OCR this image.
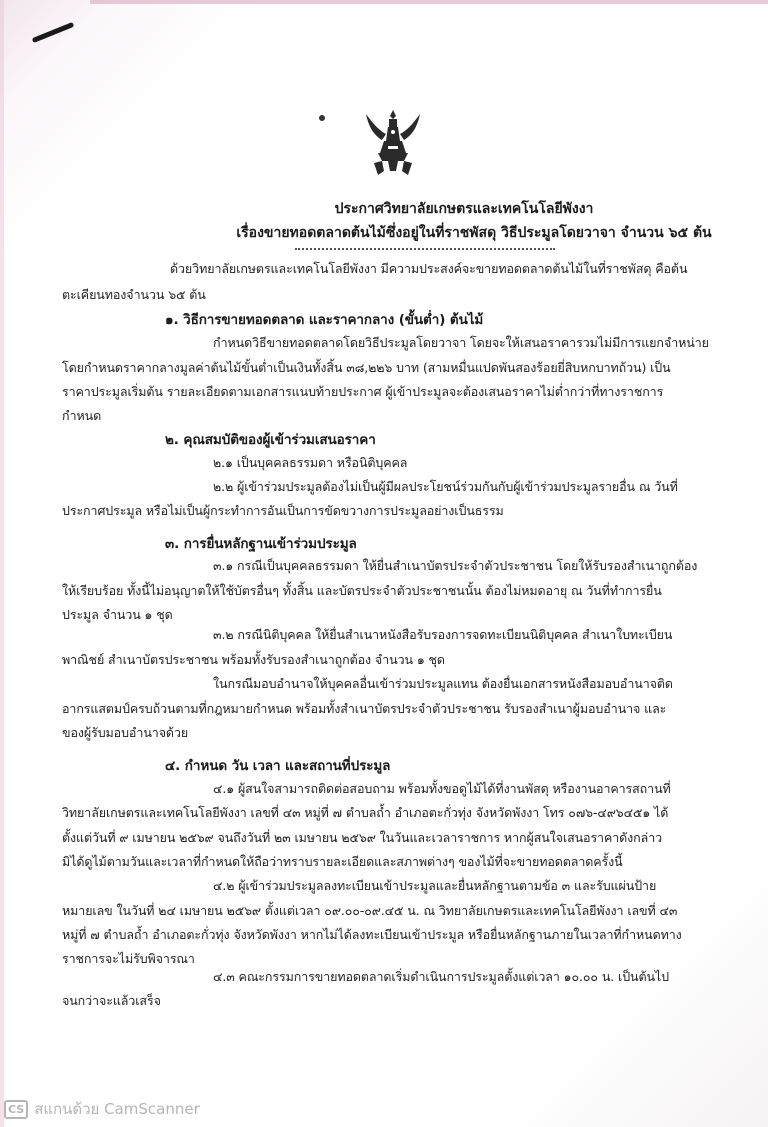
ประกาศวิทยาลัยเกษตรและเทคโนโลยีพังงา
เรื่องขายทอดตลาดต้นไม้ซึ่งอยู่ในที่ราชพัสดุ วิธีประมูลโดยวาจา จำนวน ๖๕ ต้น
ด้วยวิทยาลัยเกษตรและเทคโนโลยีพังงา มีความประสงค์จะขายทอดตลาดต้นไม้ในที่ราชพัสดุ คือต้น
ตะเคียนทองจำนวน ๖๕ ต้น
๑. วิธีการขายทอดตลาด และราคากลาง (ขั้นต่ำ) ต้นไม้
กำหนดวิธีขายทอดตลาดโดยวิธีประมูลโดยวาจา โดยจะให้เสนอราคารวมไม่มีการแยกจำหน่าย
โดยกำหนดราคากลางมูลค่าต้นไม้ขั้นต่ำเป็นเงินทั้งสิ้น ๓๘,๒๒๖ บาท (สามหมื่นแปดพันสองร้อยยี่สิบหกบาทถ้วน) เป็น
ราคาประมูลเริ่มต้น รายละเอียดตามเอกสารแนบท้ายประกาศ ผู้เข้าประมูลจะต้องเสนอราคาไม่ต่ำกว่าที่ทางราชการ
กำหนด
๒. คุณสมบัติของผู้เข้าร่วมเสนอราคา
๒.๑ เป็นบุคคลธรรมดา หรือนิติบุคคล
๒.๒ ผู้เข้าร่วมประมูลต้องไม่เป็นผู้มีผลประโยชน์ร่วมกันกับผู้เข้าร่วมประมูลรายอื่น ณ วันที่
ประกาศประมูล หรือไม่เป็นผู้กระทำการอันเป็นการขัดขวางการประมูลอย่างเป็นธรรม
๓. การยื่นหลักฐานเข้าร่วมประมูล
๓.๑ กรณีเป็นบุคคลธรรมดา ให้ยื่นสำเนาบัตรประจำตัวประชาชน โดยให้รับรองสำเนาถูกต้อง
ให้เรียบร้อย ทั้งนี้ไม่อนุญาตให้ใช้บัตรอื่นๆ ทั้งสิ้น และบัตรประจำตัวประชาชนนั้น ต้องไม่หมดอายุ ณ วันที่ทำการยื่น
ประมูล จำนวน ๑ ชุด
๓.๒ กรณีนิติบุคคล ให้ยื่นสำเนาหนังสือรับรองการจดทะเบียนนิติบุคคล สำเนาใบทะเบียน
พาณิชย์ สำเนาบัตรประชาชน พร้อมทั้งรับรองสำเนาถูกต้อง จำนวน ๑ ชุด
ในกรณีมอบอำนาจให้บุคคลอื่นเข้าร่วมประมูลแทน ต้องยื่นเอกสารหนังสือมอบอำนาจติด
อากรแสตมป์ครบถ้วนตามที่กฎหมายกำหนด พร้อมทั้งสำเนาบัตรประจำตัวประชาชน รับรองสำเนาผู้มอบอำนาจ และ
ของผู้รับมอบอำนาจด้วย
๔. กำหนด วัน เวลา และสถานที่ประมูล
๔.๑ ผู้สนใจสามารถติดต่อสอบถาม พร้อมทั้งขอดูไม้ได้ที่งานพัสดุ หรืองานอาคารสถานที่
วิทยาลัยเกษตรและเทคโนโลยีพังงา เลขที่ ๔๓ หมู่ที่ ๗ ตำบลถ้ำ อำเภอตะกั่วทุ่ง จังหวัดพังงา โทร ๐๗๖-๔๙๖๔๕๑ ได้
ตั้งแต่วันที่ ๙ เมษายน ๒๕๖๙ จนถึงวันที่ ๒๓ เมษายน ๒๕๖๙ ในวันและเวลาราชการ หากผู้สนใจเสนอราคาดังกล่าว
มิได้ดูไม้ตามวันและเวลาที่กำหนดให้ถือว่าทราบรายละเอียดและสภาพต่างๆ ของไม้ที่จะขายทอดตลาดครั้งนี้
๔.๒ ผู้เข้าร่วมประมูลลงทะเบียนเข้าประมูลและยื่นหลักฐานตามข้อ ๓ และรับแผ่นป้าย
หมายเลข ในวันที่ ๒๔ เมษายน ๒๕๖๙ ตั้งแต่เวลา ๐๙.๐๐-๐๙.๔๕ น. ณ วิทยาลัยเกษตรและเทคโนโลยีพังงา เลขที่ ๔๓
หมู่ที่ ๗ ตำบลถ้ำ อำเภอตะกั่วทุ่ง จังหวัดพังงา หากไม่ได้ลงทะเบียนเข้าประมูล หรือยื่นหลักฐานภายในเวลาที่กำหนดทาง
ราชการจะไม่รับพิจารณา
๔.๓ คณะกรรมการขายทอดตลาดเริ่มดำเนินการประมูลตั้งแต่เวลา ๑๐.๐๐ น. เป็นต้นไป
จนกว่าจะแล้วเสร็จ
CS สแกนด้วย CamScanner
